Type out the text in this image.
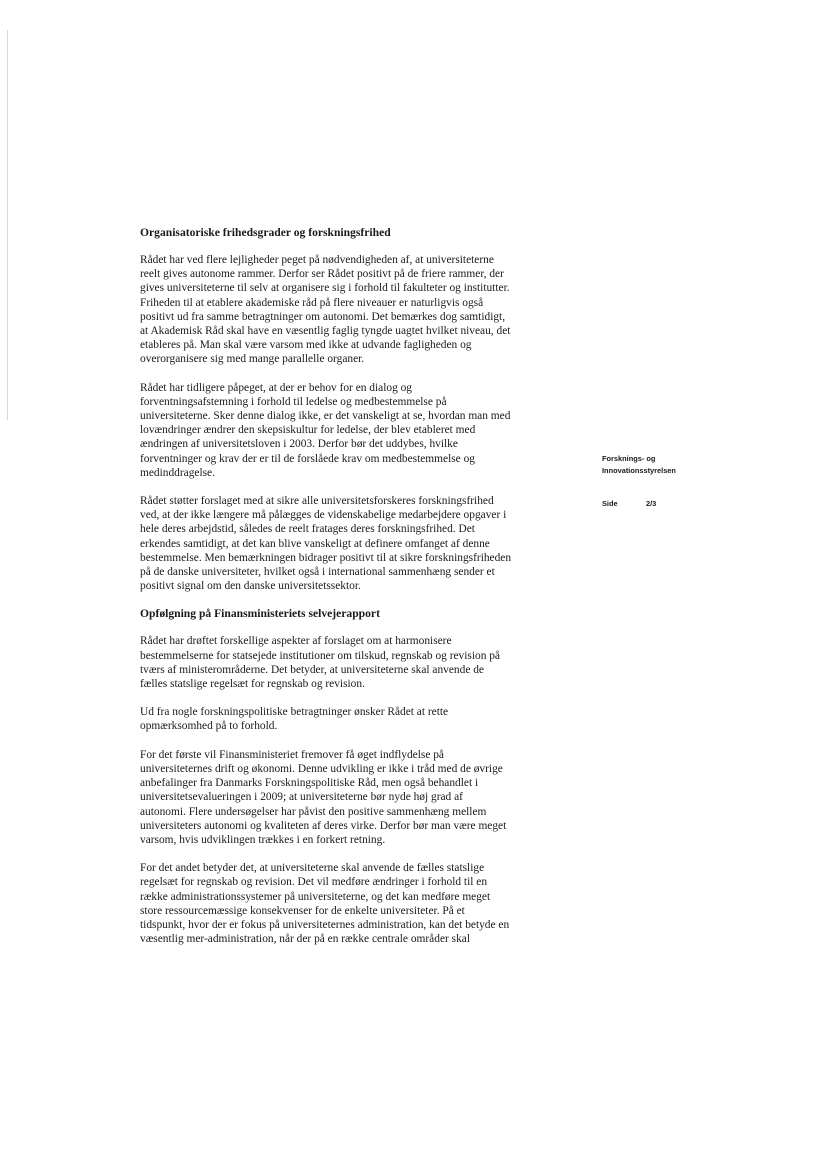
Organisatoriske frihedsgrader og forskningsfrihed

Rådet har ved flere lejligheder peget på nødvendigheden af, at universiteterne
reelt gives autonome rammer. Derfor ser Rådet positivt på de friere rammer, der
gives universiteterne til selv at organisere sig i forhold til fakulteter og institutter.
Friheden til at etablere akademiske råd på flere niveauer er naturligvis også
positivt ud fra samme betragtninger om autonomi. Det bemærkes dog samtidigt,
at Akademisk Råd skal have en væsentlig faglig tyngde uagtet hvilket niveau, det
etableres på. Man skal være varsom med ikke at udvande fagligheden og
overorganisere sig med mange parallelle organer.

Rådet har tidligere påpeget, at der er behov for en dialog og
forventningsafstemning i forhold til ledelse og medbestemmelse på
universiteterne. Sker denne dialog ikke, er det vanskeligt at se, hvordan man med
lovændringer ændrer den skepsiskultur for ledelse, der blev etableret med
ændringen af universitetsloven i 2003. Derfor bør det uddybes, hvilke
forventninger og krav der er til de forslåede krav om medbestemmelse og
medinddragelse.

Rådet støtter forslaget med at sikre alle universitetsforskeres forskningsfrihed
ved, at der ikke længere må pålægges de videnskabelige medarbejdere opgaver i
hele deres arbejdstid, således de reelt fratages deres forskningsfrihed. Det
erkendes samtidigt, at det kan blive vanskeligt at definere omfanget af denne
bestemmelse. Men bemærkningen bidrager positivt til at sikre forskningsfriheden
på de danske universiteter, hvilket også i international sammenhæng sender et
positivt signal om den danske universitetssektor.

Opfølgning på Finansministeriets selvejerapport

Rådet har drøftet forskellige aspekter af forslaget om at harmonisere
bestemmelserne for statsejede institutioner om tilskud, regnskab og revision på
tværs af ministerområderne. Det betyder, at universiteterne skal anvende de
fælles statslige regelsæt for regnskab og revision.

Ud fra nogle forskningspolitiske betragtninger ønsker Rådet at rette
opmærksomhed på to forhold.

For det første vil Finansministeriet fremover få øget indflydelse på
universiteternes drift og økonomi. Denne udvikling er ikke i tråd med de øvrige
anbefalinger fra Danmarks Forskningspolitiske Råd, men også behandlet i
universitetsevalueringen i 2009; at universiteterne bør nyde høj grad af
autonomi. Flere undersøgelser har påvist den positive sammenhæng mellem
universiteters autonomi og kvaliteten af deres virke. Derfor bør man være meget
varsom, hvis udviklingen trækkes i en forkert retning.

For det andet betyder det, at universiteterne skal anvende de fælles statslige
regelsæt for regnskab og revision. Det vil medføre ændringer i forhold til en
række administrationssystemer på universiteterne, og det kan medføre meget
store ressourcemæssige konsekvenser for de enkelte universiteter. På et
tidspunkt, hvor der er fokus på universiteternes administration, kan det betyde en
væsentlig mer-administration, når der på en række centrale områder skal

Forsknings- og
Innovationsstyrelsen
Side	2/3
